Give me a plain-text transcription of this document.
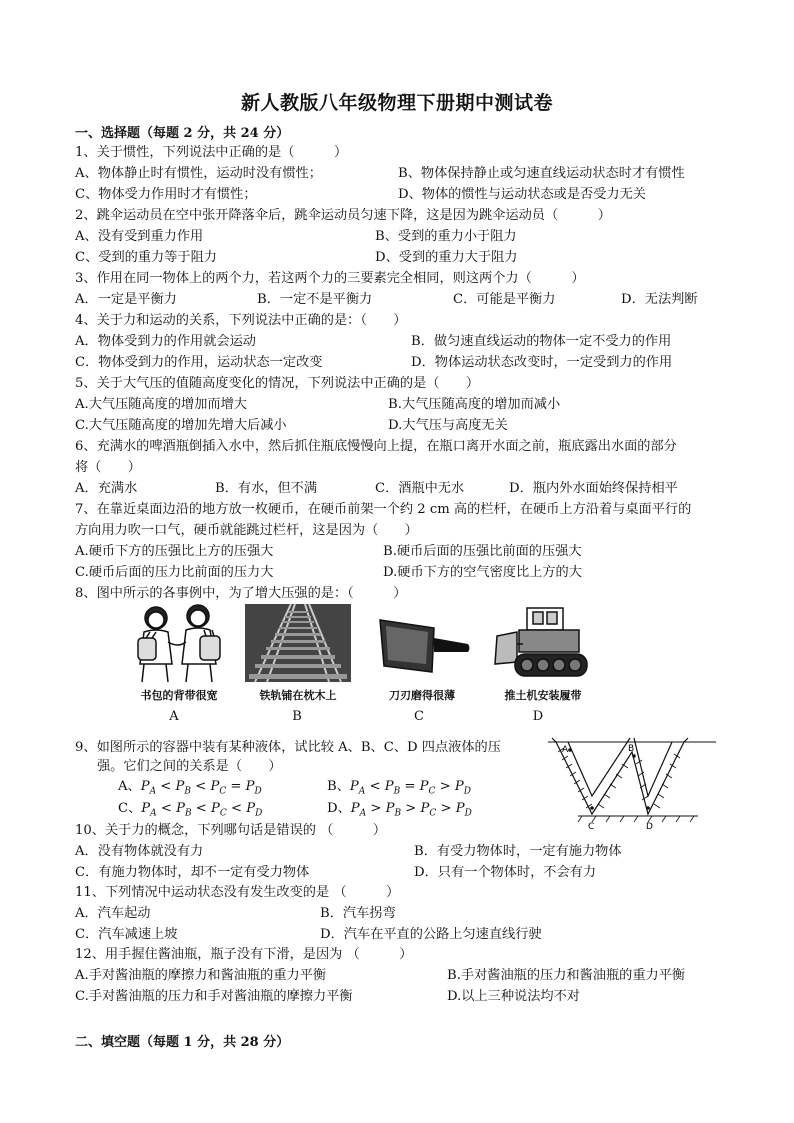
新人教版八年级物理下册期中测试卷
一、选择题（每题 2 分，共 24 分）
1、关于惯性，下列说法中正确的是（　　　）
A、物体静止时有惯性，运动时没有惯性；	B、物体保持静止或匀速直线运动状态时才有惯性
C、物体受力作用时才有惯性；	D、物体的惯性与运动状态或是否受力无关
2、跳伞运动员在空中张开降落伞后，跳伞运动员匀速下降，这是因为跳伞运动员（　　　）
A、没有受到重力作用	B、受到的重力小于阻力
C、受到的重力等于阻力	D、受到的重力大于阻力
3、作用在同一物体上的两个力，若这两个力的三要素完全相同，则这两个力（　　　）
A．一定是平衡力	B．一定不是平衡力	C．可能是平衡力	D．无法判断
4、关于力和运动的关系，下列说法中正确的是：（　　）
A．物体受到力的作用就会运动	B．做匀速直线运动的物体一定不受力的作用
C．物体受到力的作用，运动状态一定改变	D．物体运动状态改变时，一定受到力的作用
5、关于大气压的值随高度变化的情况，下列说法中正确的是（　　）
A.大气压随高度的增加而增大	B.大气压随高度的增加而减小
C.大气压随高度的增加先增大后减小	D.大气压与高度无关
6、充满水的啤酒瓶倒插入水中，然后抓住瓶底慢慢向上提，在瓶口离开水面之前，瓶底露出水面的部分
将（　　）
A．充满水	B．有水，但不满	C．酒瓶中无水	D．瓶内外水面始终保持相平
7、在靠近桌面边沿的地方放一枚硬币，在硬币前架一个约 2 cm 高的栏杆，在硬币上方沿着与桌面平行的
方向用力吹一口气，硬币就能跳过栏杆，这是因为（　　）
A.硬币下方的压强比上方的压强大	B.硬币后面的压强比前面的压强大
C.硬币后面的压力比前面的压力大	D.硬币下方的空气密度比上方的大
8、图中所示的各事例中，为了增大压强的是：（　　　）
书包的背带很宽
A
铁轨铺在枕木上
B
刀刃磨得很薄
C
推土机安装履带
D
9、如图所示的容器中装有某种液体，试比较 A、B、C、D 四点液体的压
强。它们之间的关系是（　　）
A、$P_A < P_B < P_C = P_D$	B、$P_A < P_B = P_C > P_D$
C、$P_A < P_B < P_C < P_D$	D、$P_A > P_B > P_C > P_D$
A	B
C	D
10、关于力的概念，下列哪句话是错误的 （　　　）
A．没有物体就没有力	B．有受力物体时，一定有施力物体
C．有施力物体时，却不一定有受力物体	D．只有一个物体时，不会有力
11、下列情况中运动状态没有发生改变的是 （　　　）
A．汽车起动	B．汽车拐弯
C．汽车减速上坡	D．汽车在平直的公路上匀速直线行驶
12、用手握住酱油瓶，瓶子没有下滑，是因为 （　　　）
A.手对酱油瓶的摩擦力和酱油瓶的重力平衡	B.手对酱油瓶的压力和酱油瓶的重力平衡
C.手对酱油瓶的压力和手对酱油瓶的摩擦力平衡	D.以上三种说法均不对
二、填空题（每题 1 分，共 28 分）
